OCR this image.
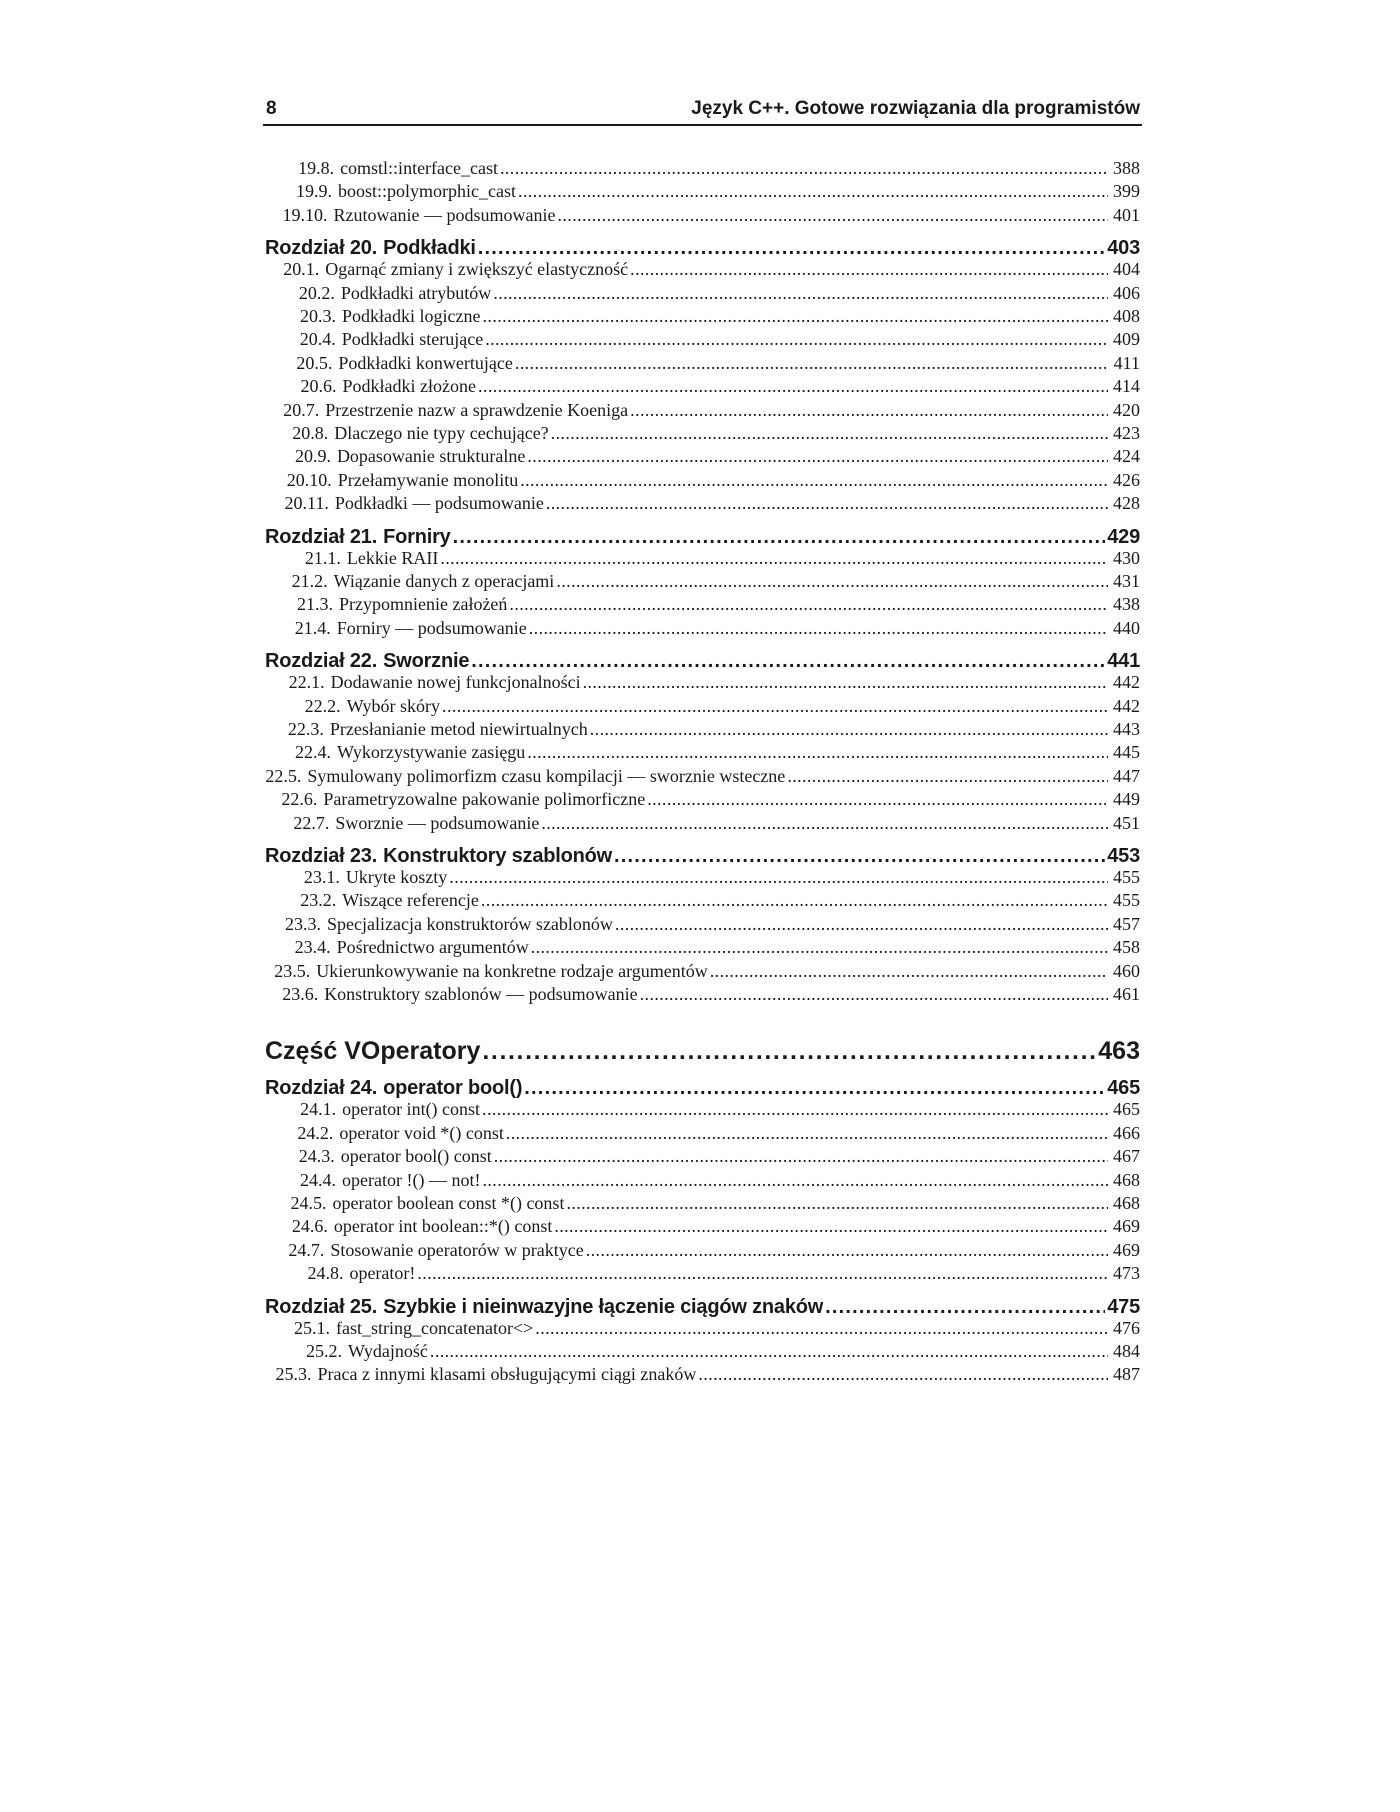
8	Język C++. Gotowe rozwiązania dla programistów
19.8. comstl::interface_cast .....	388
19.9. boost::polymorphic_cast .....	399
19.10. Rzutowanie — podsumowanie .....	401
Rozdział 20. Podkładki .....	403
20.1. Ogarnąć zmiany i zwiększyć elastyczność .....	404
20.2. Podkładki atrybutów .....	406
20.3. Podkładki logiczne .....	408
20.4. Podkładki sterujące .....	409
20.5. Podkładki konwertujące .....	411
20.6. Podkładki złożone .....	414
20.7. Przestrzenie nazw a sprawdzenie Koeniga .....	420
20.8. Dlaczego nie typy cechujące? .....	423
20.9. Dopasowanie strukturalne .....	424
20.10. Przełamywanie monolitu .....	426
20.11. Podkładki — podsumowanie .....	428
Rozdział 21. Forniry .....	429
21.1. Lekkie RAII .....	430
21.2. Wiązanie danych z operacjami .....	431
21.3. Przypomnienie założeń .....	438
21.4. Forniry — podsumowanie .....	440
Rozdział 22. Sworznie .....	441
22.1. Dodawanie nowej funkcjonalności .....	442
22.2. Wybór skóry .....	442
22.3. Przesłanianie metod niewirtualnych .....	443
22.4. Wykorzystywanie zasięgu .....	445
22.5. Symulowany polimorfizm czasu kompilacji — sworznie wsteczne .....	447
22.6. Parametryzowalne pakowanie polimorficzne .....	449
22.7. Sworznie — podsumowanie .....	451
Rozdział 23. Konstruktory szablonów .....	453
23.1. Ukryte koszty .....	455
23.2. Wiszące referencje .....	455
23.3. Specjalizacja konstruktorów szablonów .....	457
23.4. Pośrednictwo argumentów .....	458
23.5. Ukierunkowywanie na konkretne rodzaje argumentów .....	460
23.6. Konstruktory szablonów — podsumowanie .....	461
Część V Operatory .....	463
Rozdział 24. operator bool() .....	465
24.1. operator int() const .....	465
24.2. operator void *() const .....	466
24.3. operator bool() const .....	467
24.4. operator !() — not! .....	468
24.5. operator boolean const *() const .....	468
24.6. operator int boolean::*() const .....	469
24.7. Stosowanie operatorów w praktyce .....	469
24.8. operator! .....	473
Rozdział 25. Szybkie i nieinwazyjne łączenie ciągów znaków .....	475
25.1. fast_string_concatenator<> .....	476
25.2. Wydajność .....	484
25.3. Praca z innymi klasami obsługującymi ciągi znaków .....	487
